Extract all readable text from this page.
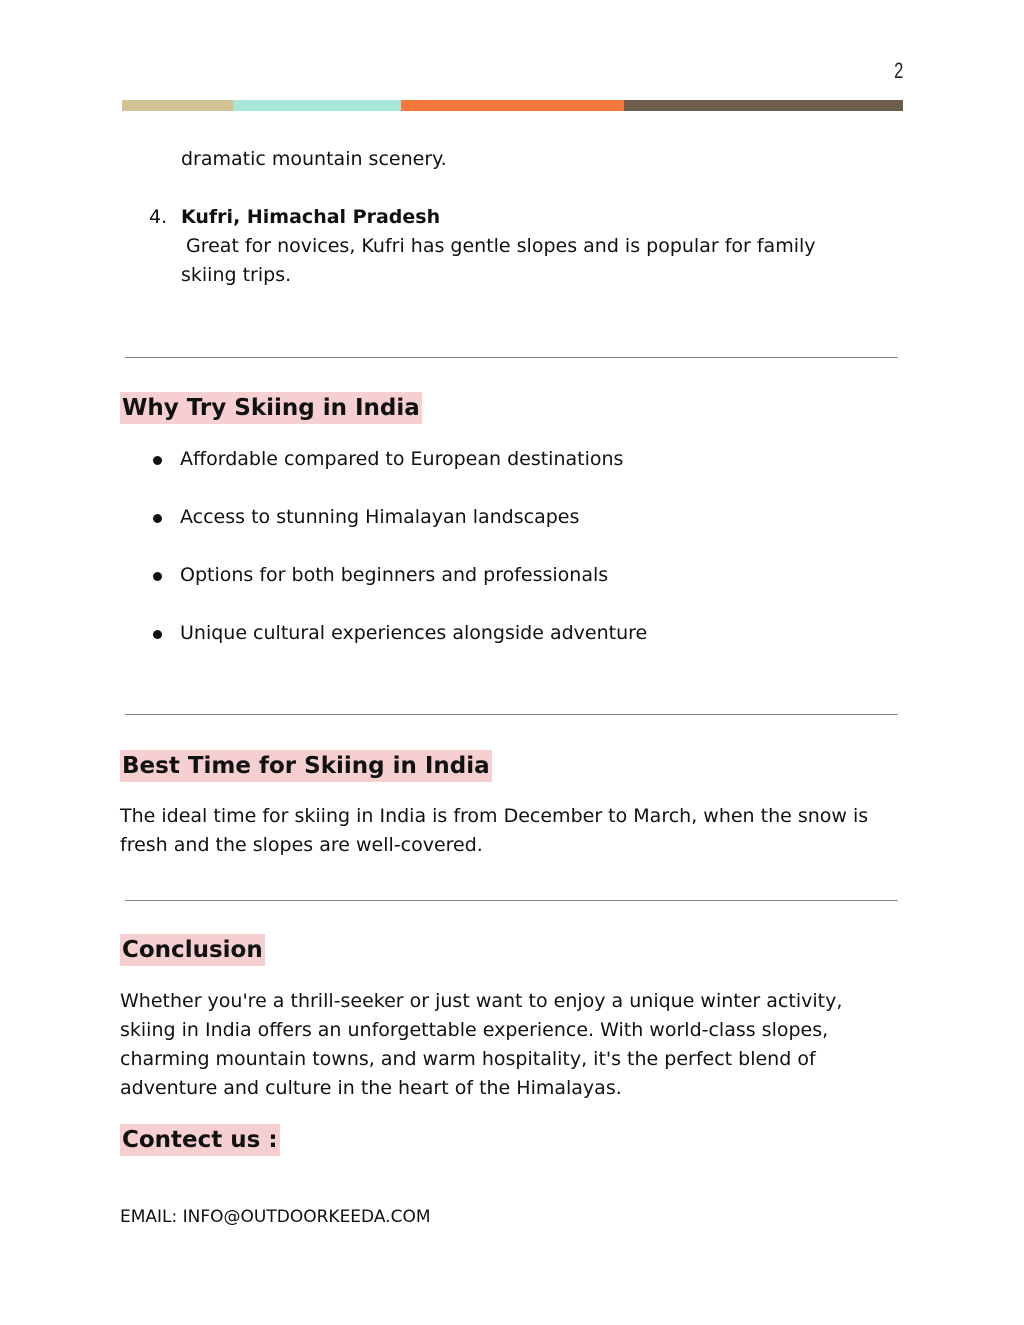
2
dramatic mountain scenery.
4. Kufri, Himachal Pradesh
Great for novices, Kufri has gentle slopes and is popular for family skiing trips.
Why Try Skiing in India
Affordable compared to European destinations
Access to stunning Himalayan landscapes
Options for both beginners and professionals
Unique cultural experiences alongside adventure
Best Time for Skiing in India
The ideal time for skiing in India is from December to March, when the snow is fresh and the slopes are well-covered.
Conclusion
Whether you're a thrill-seeker or just want to enjoy a unique winter activity, skiing in India offers an unforgettable experience. With world-class slopes, charming mountain towns, and warm hospitality, it's the perfect blend of adventure and culture in the heart of the Himalayas.
Contect us :
EMAIL: INFO@OUTDOORKEEDA.COM
